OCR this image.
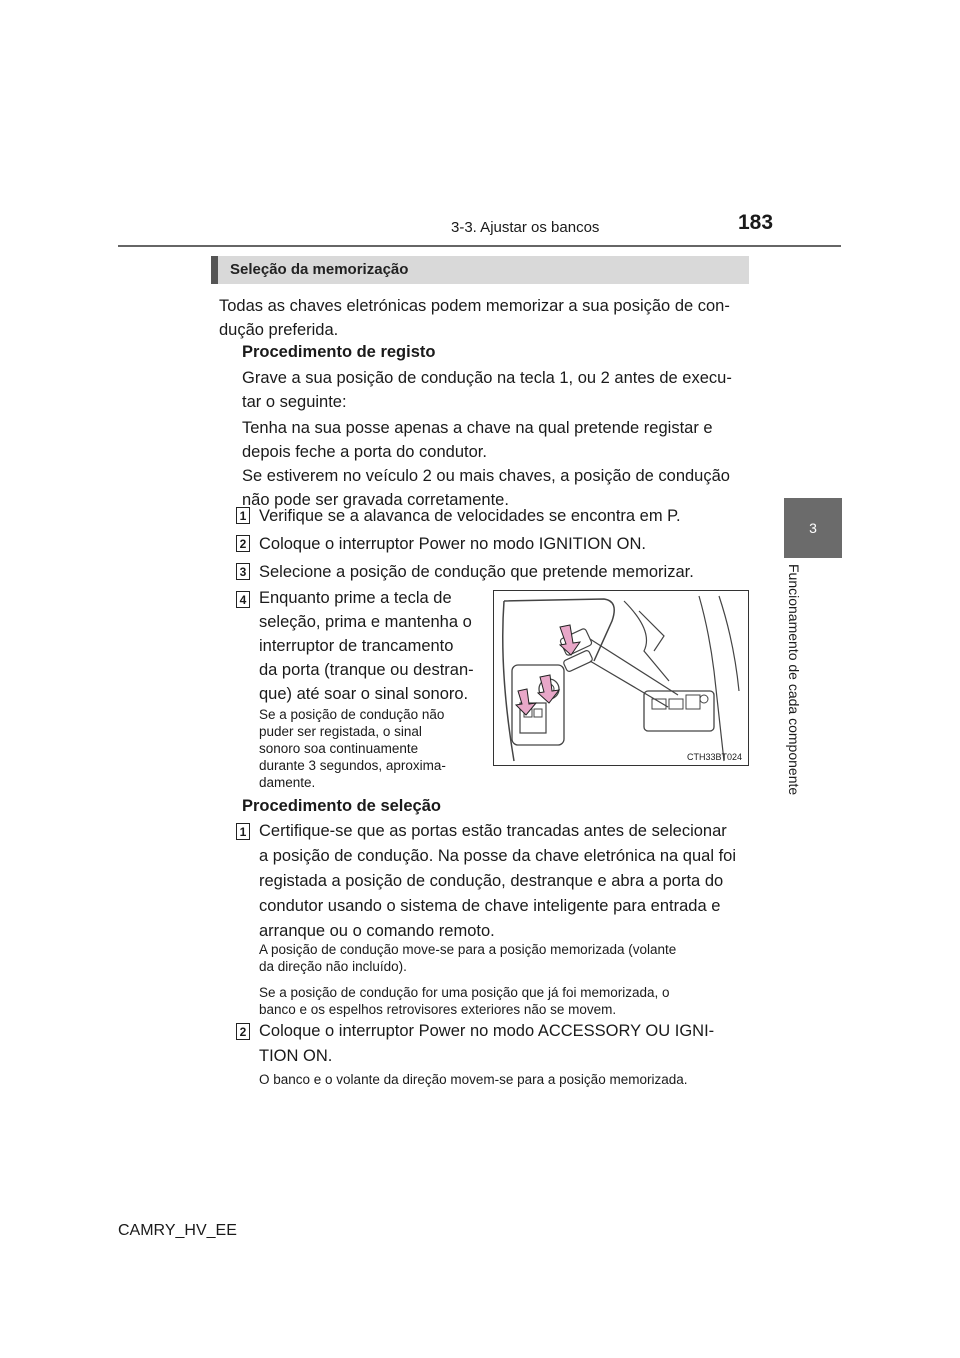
3-3. Ajustar os bancos	183
3
Funcionamento de cada componente
Seleção da memorização
Todas as chaves eletrónicas podem memorizar a sua posição de con-
dução preferida.
Procedimento de registo
Grave a sua posição de condução na tecla 1, ou 2 antes de execu-
tar o seguinte:
Tenha na sua posse apenas a chave na qual pretende registar e
depois feche a porta do condutor.
Se estiverem no veículo 2 ou mais chaves, a posição de condução
não pode ser gravada corretamente.
1 Verifique se a alavanca de velocidades se encontra em P.
2 Coloque o interruptor Power no modo IGNITION ON.
3 Selecione a posição de condução que pretende memorizar.
4 Enquanto prime a tecla de
seleção, prima e mantenha o
interruptor de trancamento
da porta (tranque ou destran-
que) até soar o sinal sonoro.
Se a posição de condução não
puder ser registada, o sinal
sonoro soa continuamente
durante 3 segundos, aproxima-
damente.
CTH33BT024
Procedimento de seleção
1 Certifique-se que as portas estão trancadas antes de selecionar
a posição de condução. Na posse da chave eletrónica na qual foi
registada a posição de condução, destranque e abra a porta do
condutor usando o sistema de chave inteligente para entrada e
arranque ou o comando remoto.
A posição de condução move-se para a posição memorizada (volante
da direção não incluído).
Se a posição de condução for uma posição que já foi memorizada, o
banco e os espelhos retrovisores exteriores não se movem.
2 Coloque o interruptor Power no modo ACCESSORY OU IGNI-
TION ON.
O banco e o volante da direção movem-se para a posição memorizada.
CAMRY_HV_EE
